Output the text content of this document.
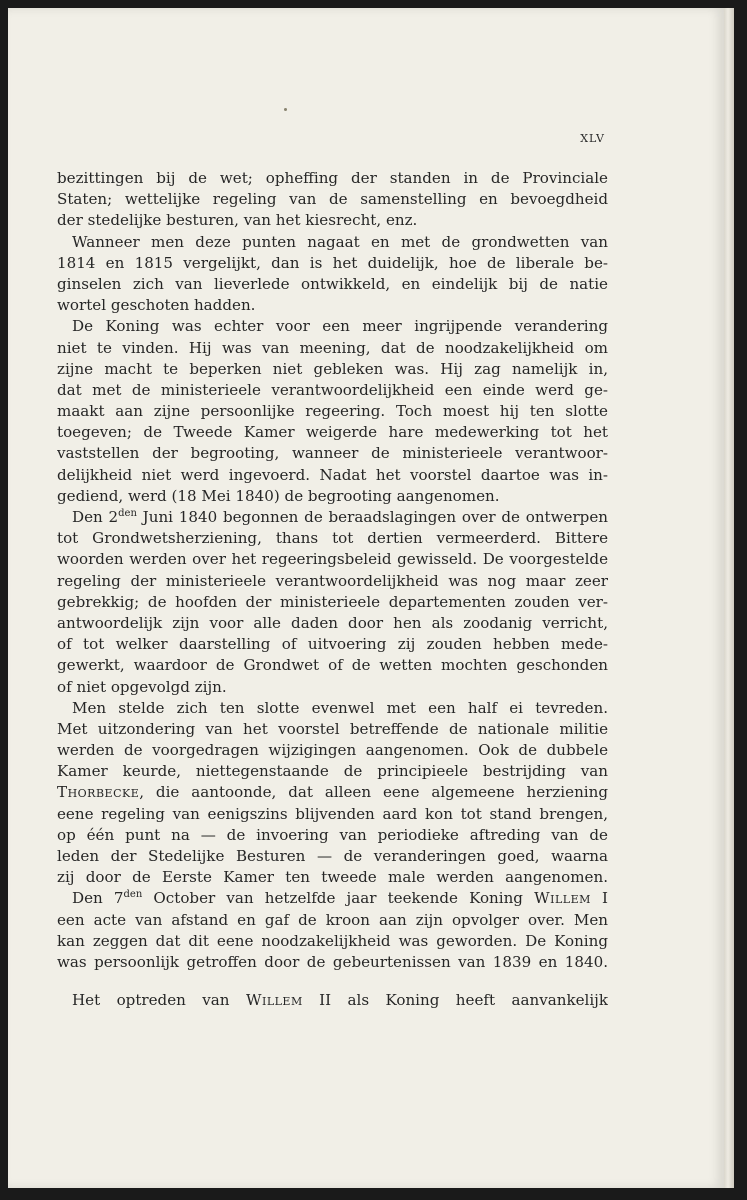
XLV
bezittingen bij de wet; opheffing der standen in de Provinciale
Staten; wettelijke regeling van de samenstelling en bevoegdheid
der stedelijke besturen, van het kiesrecht, enz.
Wanneer men deze punten nagaat en met de grondwetten van
1814 en 1815 vergelijkt, dan is het duidelijk, hoe de liberale be-
ginselen zich van lieverlede ontwikkeld, en eindelijk bij de natie
wortel geschoten hadden.
De Koning was echter voor een meer ingrijpende verandering
niet te vinden. Hij was van meening, dat de noodzakelijkheid om
zijne macht te beperken niet gebleken was. Hij zag namelijk in,
dat met de ministerieele verantwoordelijkheid een einde werd ge-
maakt aan zijne persoonlijke regeering. Toch moest hij ten slotte
toegeven; de Tweede Kamer weigerde hare medewerking tot het
vaststellen der begrooting, wanneer de ministerieele verantwoor-
delijkheid niet werd ingevoerd. Nadat het voorstel daartoe was in-
gediend, werd (18 Mei 1840) de begrooting aangenomen.
Den $2^{den}$ Juni 1840 begonnen de beraadslagingen over de ontwerpen
tot Grondwetsherziening, thans tot dertien vermeerderd. Bittere
woorden werden over het regeeringsbeleid gewisseld. De voorgestelde
regeling der ministerieele verantwoordelijkheid was nog maar zeer
gebrekkig; de hoofden der ministerieele departementen zouden ver-
antwoordelijk zijn voor alle daden door hen als zoodanig verricht,
of tot welker daarstelling of uitvoering zij zouden hebben mede-
gewerkt, waardoor de Grondwet of de wetten mochten geschonden
of niet opgevolgd zijn.
Men stelde zich ten slotte evenwel met een half ei tevreden.
Met uitzondering van het voorstel betreffende de nationale militie
werden de voorgedragen wijzigingen aangenomen. Ook de dubbele
Kamer keurde, niettegenstaande de principieele bestrijding van
Thorbecke, die aantoonde, dat alleen eene algemeene herziening
eene regeling van eenigszins blijvenden aard kon tot stand brengen,
op één punt na — de invoering van periodieke aftreding van de
leden der Stedelijke Besturen — de veranderingen goed, waarna
zij door de Eerste Kamer ten tweede male werden aangenomen.
Den $7^{den}$ October van hetzelfde jaar teekende Koning Willem I
een acte van afstand en gaf de kroon aan zijn opvolger over. Men
kan zeggen dat dit eene noodzakelijkheid was geworden. De Koning
was persoonlijk getroffen door de gebeurtenissen van 1839 en 1840.
Het optreden van Willem II als Koning heeft aanvankelijk
